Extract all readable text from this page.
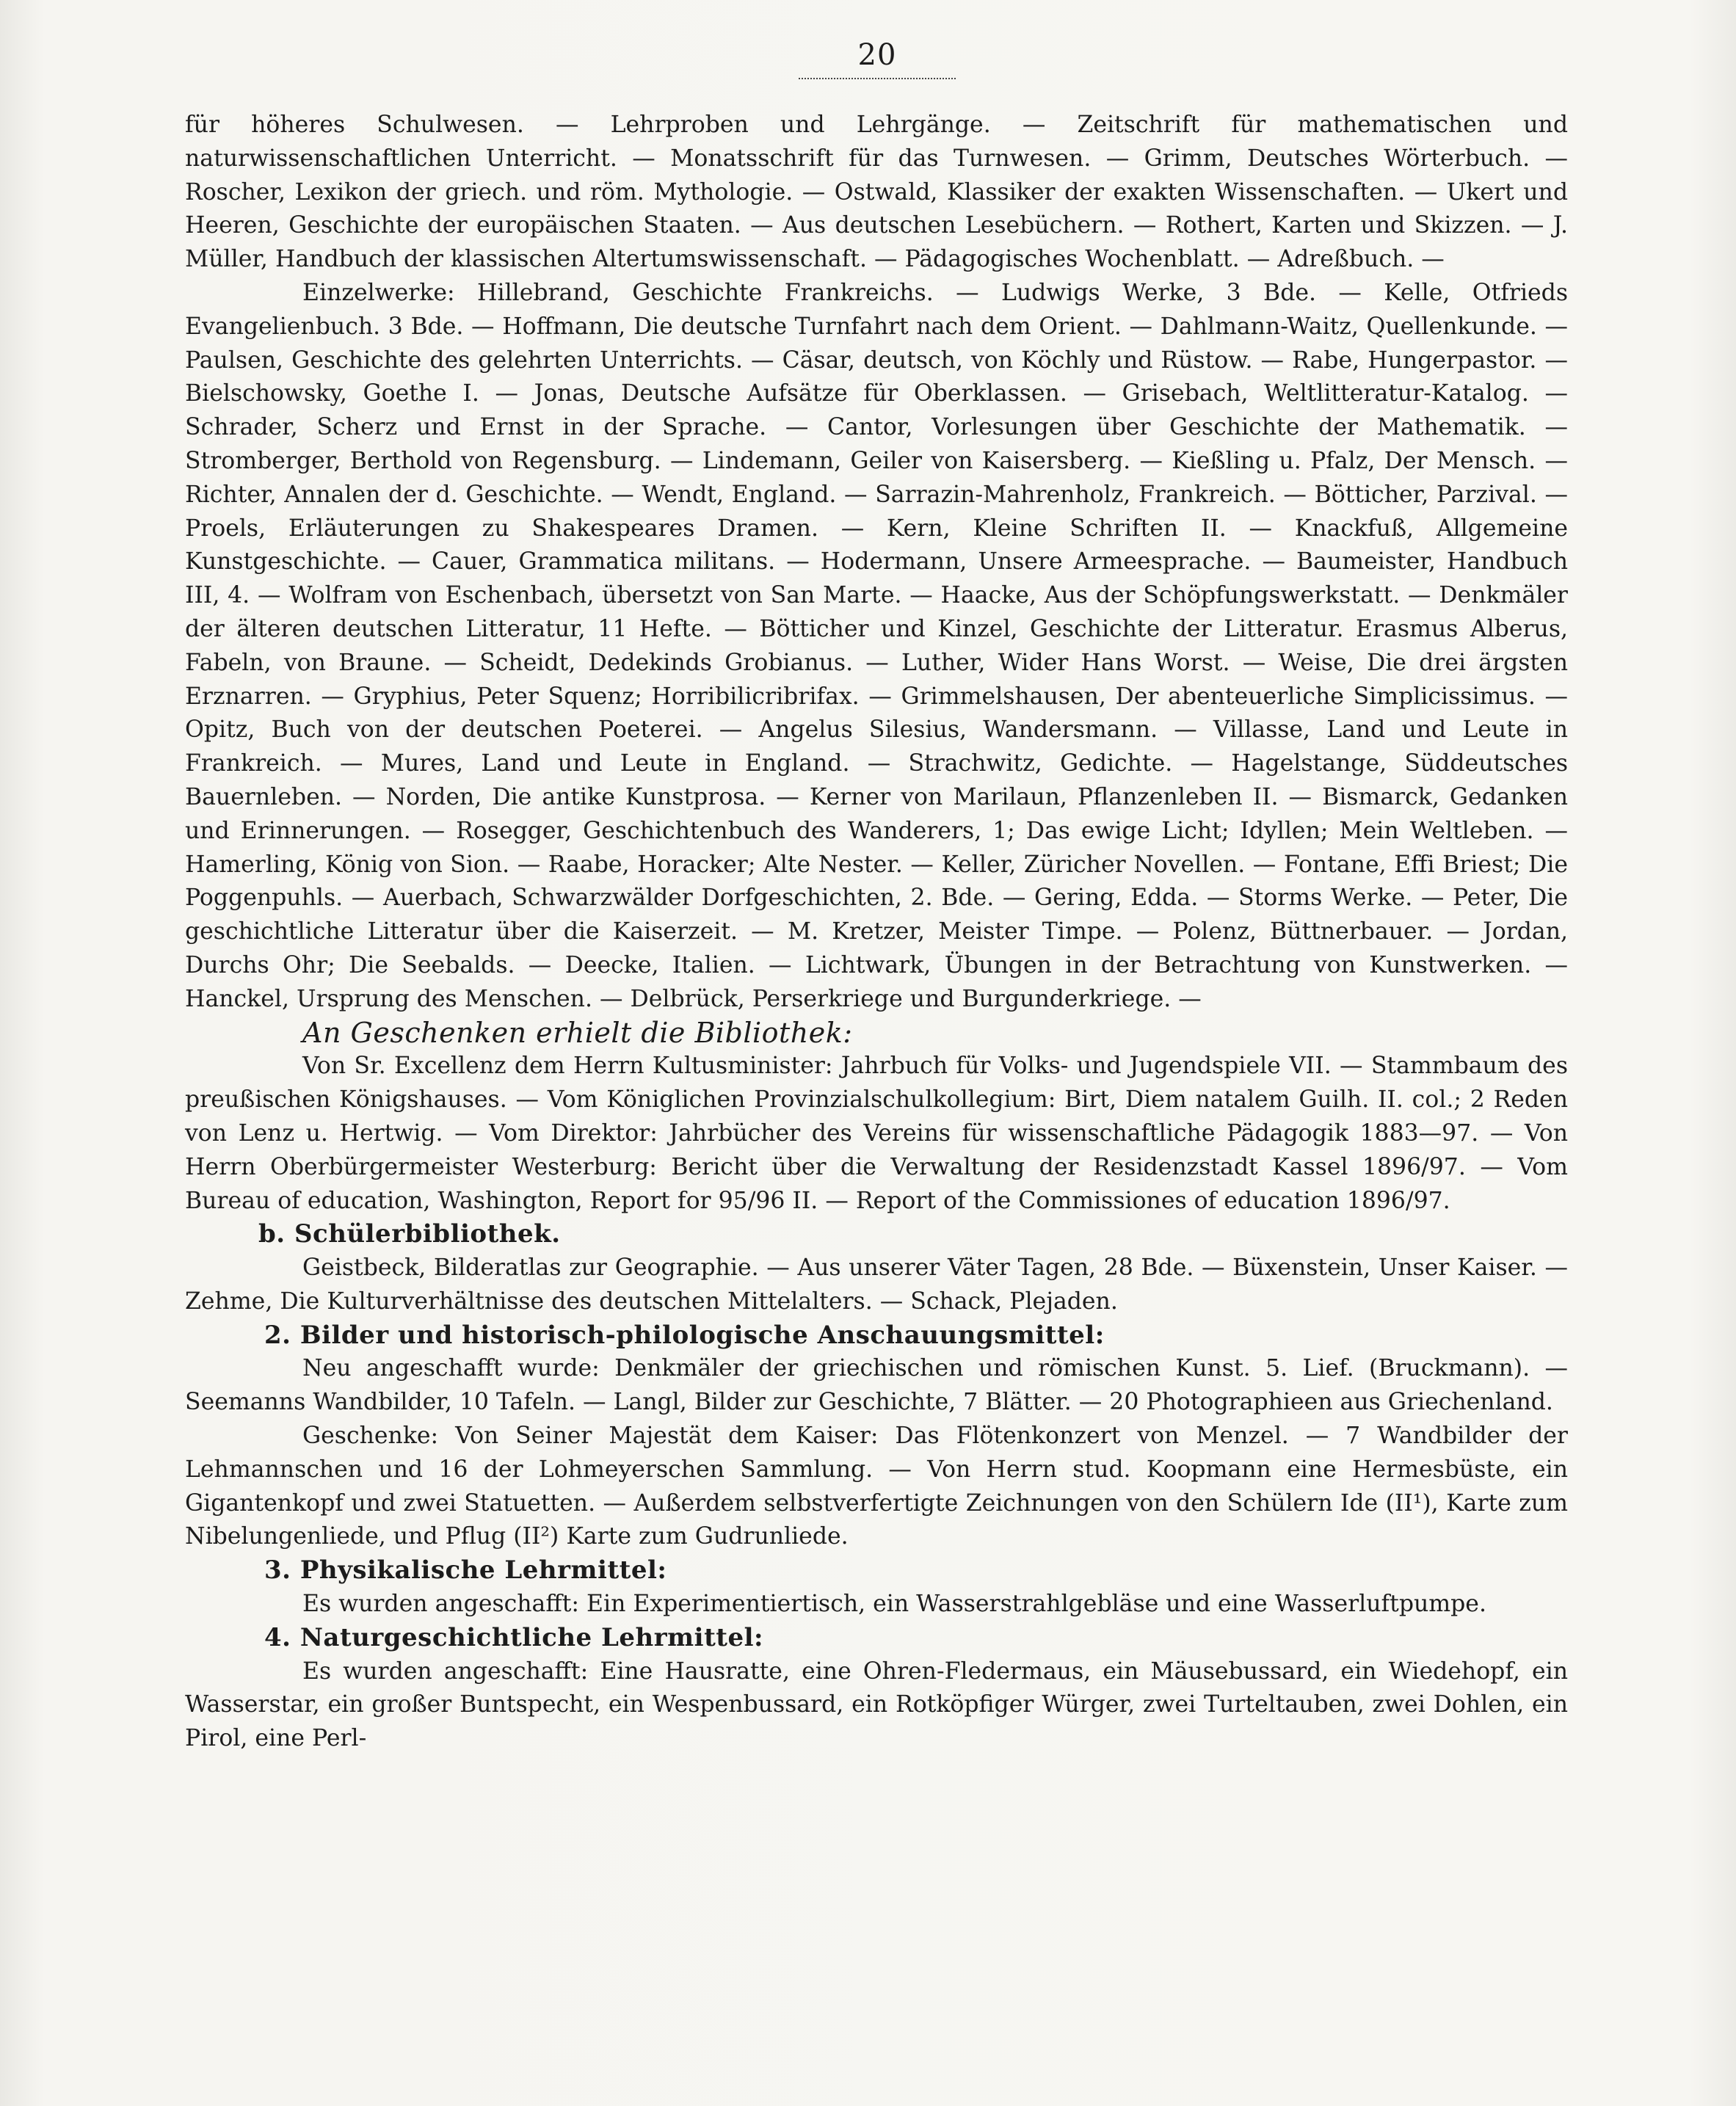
20

für höheres Schulwesen. — Lehrproben und Lehrgänge. — Zeitschrift für mathematischen und naturwissenschaftlichen Unterricht. — Monatsschrift für das Turnwesen. — Grimm, Deutsches Wörterbuch. — Roscher, Lexikon der griech. und röm. Mythologie. — Ostwald, Klassiker der exakten Wissenschaften. — Ukert und Heeren, Geschichte der europäischen Staaten. — Aus deutschen Lesebüchern. — Rothert, Karten und Skizzen. — J. Müller, Handbuch der klassischen Altertumswissenschaft. — Pädagogisches Wochenblatt. — Adreßbuch. —

Einzelwerke: Hillebrand, Geschichte Frankreichs. — Ludwigs Werke, 3 Bde. — Kelle, Otfrieds Evangelienbuch. 3 Bde. — Hoffmann, Die deutsche Turnfahrt nach dem Orient. — Dahlmann-Waitz, Quellenkunde. — Paulsen, Geschichte des gelehrten Unterrichts. — Cäsar, deutsch, von Köchly und Rüstow. — Rabe, Hungerpastor. — Bielschowsky, Goethe I. — Jonas, Deutsche Aufsätze für Oberklassen. — Grisebach, Weltlitteratur-Katalog. — Schrader, Scherz und Ernst in der Sprache. — Cantor, Vorlesungen über Geschichte der Mathematik. — Stromberger, Berthold von Regensburg. — Lindemann, Geiler von Kaisersberg. — Kießling u. Pfalz, Der Mensch. — Richter, Annalen der d. Geschichte. — Wendt, England. — Sarrazin-Mahrenholz, Frankreich. — Bötticher, Parzival. — Proels, Erläuterungen zu Shakespeares Dramen. — Kern, Kleine Schriften II. — Knackfuß, Allgemeine Kunstgeschichte. — Cauer, Grammatica militans. — Hodermann, Unsere Armeesprache. — Baumeister, Handbuch III, 4. — Wolfram von Eschenbach, übersetzt von San Marte. — Haacke, Aus der Schöpfungswerkstatt. — Denkmäler der älteren deutschen Litteratur, 11 Hefte. — Bötticher und Kinzel, Geschichte der Litteratur. Erasmus Alberus, Fabeln, von Braune. — Scheidt, Dedekinds Grobianus. — Luther, Wider Hans Worst. — Weise, Die drei ärgsten Erznarren. — Gryphius, Peter Squenz; Horribilicribrifax. — Grimmelshausen, Der abenteuerliche Simplicissimus. — Opitz, Buch von der deutschen Poeterei. — Angelus Silesius, Wandersmann. — Villasse, Land und Leute in Frankreich. — Mures, Land und Leute in England. — Strachwitz, Gedichte. — Hagelstange, Süddeutsches Bauernleben. — Norden, Die antike Kunstprosa. — Kerner von Marilaun, Pflanzenleben II. — Bismarck, Gedanken und Erinnerungen. — Rosegger, Geschichtenbuch des Wanderers, 1; Das ewige Licht; Idyllen; Mein Weltleben. — Hamerling, König von Sion. — Raabe, Horacker; Alte Nester. — Keller, Züricher Novellen. — Fontane, Effi Briest; Die Poggenpuhls. — Auerbach, Schwarzwälder Dorfgeschichten, 2. Bde. — Gering, Edda. — Storms Werke. — Peter, Die geschichtliche Litteratur über die Kaiserzeit. — M. Kretzer, Meister Timpe. — Polenz, Büttnerbauer. — Jordan, Durchs Ohr; Die Seebalds. — Deecke, Italien. — Lichtwark, Übungen in der Betrachtung von Kunstwerken. — Hanckel, Ursprung des Menschen. — Delbrück, Perserkriege und Burgunderkriege. —

An Geschenken erhielt die Bibliothek:

Von Sr. Excellenz dem Herrn Kultusminister: Jahrbuch für Volks- und Jugendspiele VII. — Stammbaum des preußischen Königshauses. — Vom Königlichen Provinzialschulkollegium: Birt, Diem natalem Guilh. II. col.; 2 Reden von Lenz u. Hertwig. — Vom Direktor: Jahrbücher des Vereins für wissenschaftliche Pädagogik 1883—97. — Von Herrn Oberbürgermeister Westerburg: Bericht über die Verwaltung der Residenzstadt Kassel 1896/97. — Vom Bureau of education, Washington, Report for 95/96 II. — Report of the Commissiones of education 1896/97.

b. Schülerbibliothek.

Geistbeck, Bilderatlas zur Geographie. — Aus unserer Väter Tagen, 28 Bde. — Büxenstein, Unser Kaiser. — Zehme, Die Kulturverhältnisse des deutschen Mittelalters. — Schack, Plejaden.

2. Bilder und historisch-philologische Anschauungsmittel:

Neu angeschafft wurde: Denkmäler der griechischen und römischen Kunst. 5. Lief. (Bruckmann). — Seemanns Wandbilder, 10 Tafeln. — Langl, Bilder zur Geschichte, 7 Blätter. — 20 Photographieen aus Griechenland.

Geschenke: Von Seiner Majestät dem Kaiser: Das Flötenkonzert von Menzel. — 7 Wandbilder der Lehmannschen und 16 der Lohmeyerschen Sammlung. — Von Herrn stud. Koopmann eine Hermesbüste, ein Gigantenkopf und zwei Statuetten. — Außerdem selbstverfertigte Zeichnungen von den Schülern Ide (II¹), Karte zum Nibelungenliede, und Pflug (II²) Karte zum Gudrunliede.

3. Physikalische Lehrmittel:

Es wurden angeschafft: Ein Experimentiertisch, ein Wasserstrahlgebläse und eine Wasserluftpumpe.

4. Naturgeschichtliche Lehrmittel:

Es wurden angeschafft: Eine Hausratte, eine Ohren-Fledermaus, ein Mäusebussard, ein Wiedehopf, ein Wasserstar, ein großer Buntspecht, ein Wespenbussard, ein Rotköpfiger Würger, zwei Turteltauben, zwei Dohlen, ein Pirol, eine Perl-
